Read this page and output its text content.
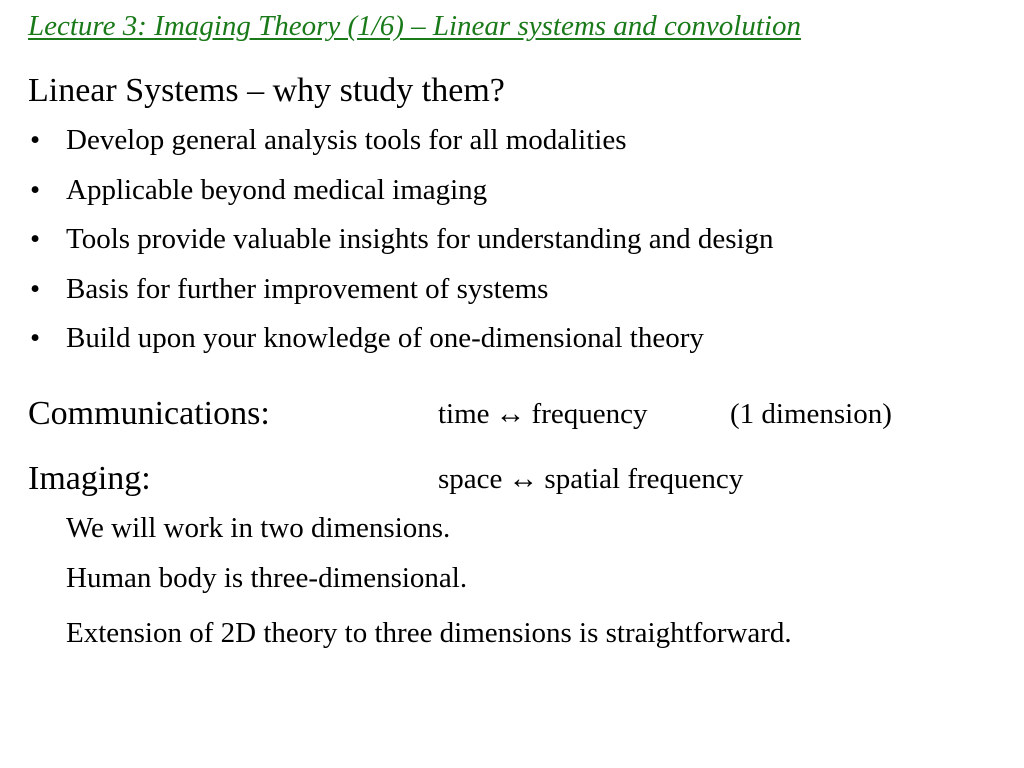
Lecture 3: Imaging Theory (1/6) – Linear systems and convolution
Linear Systems – why study them?
• Develop general analysis tools for all modalities
• Applicable beyond medical imaging
• Tools provide valuable insights for understanding and design
• Basis for further improvement of systems
• Build upon your knowledge of one-dimensional theory
Communications:	time ↔ frequency	(1 dimension)
Imaging:	space ↔ spatial frequency
We will work in two dimensions.
Human body is three-dimensional.
Extension of 2D theory to three dimensions is straightforward.
